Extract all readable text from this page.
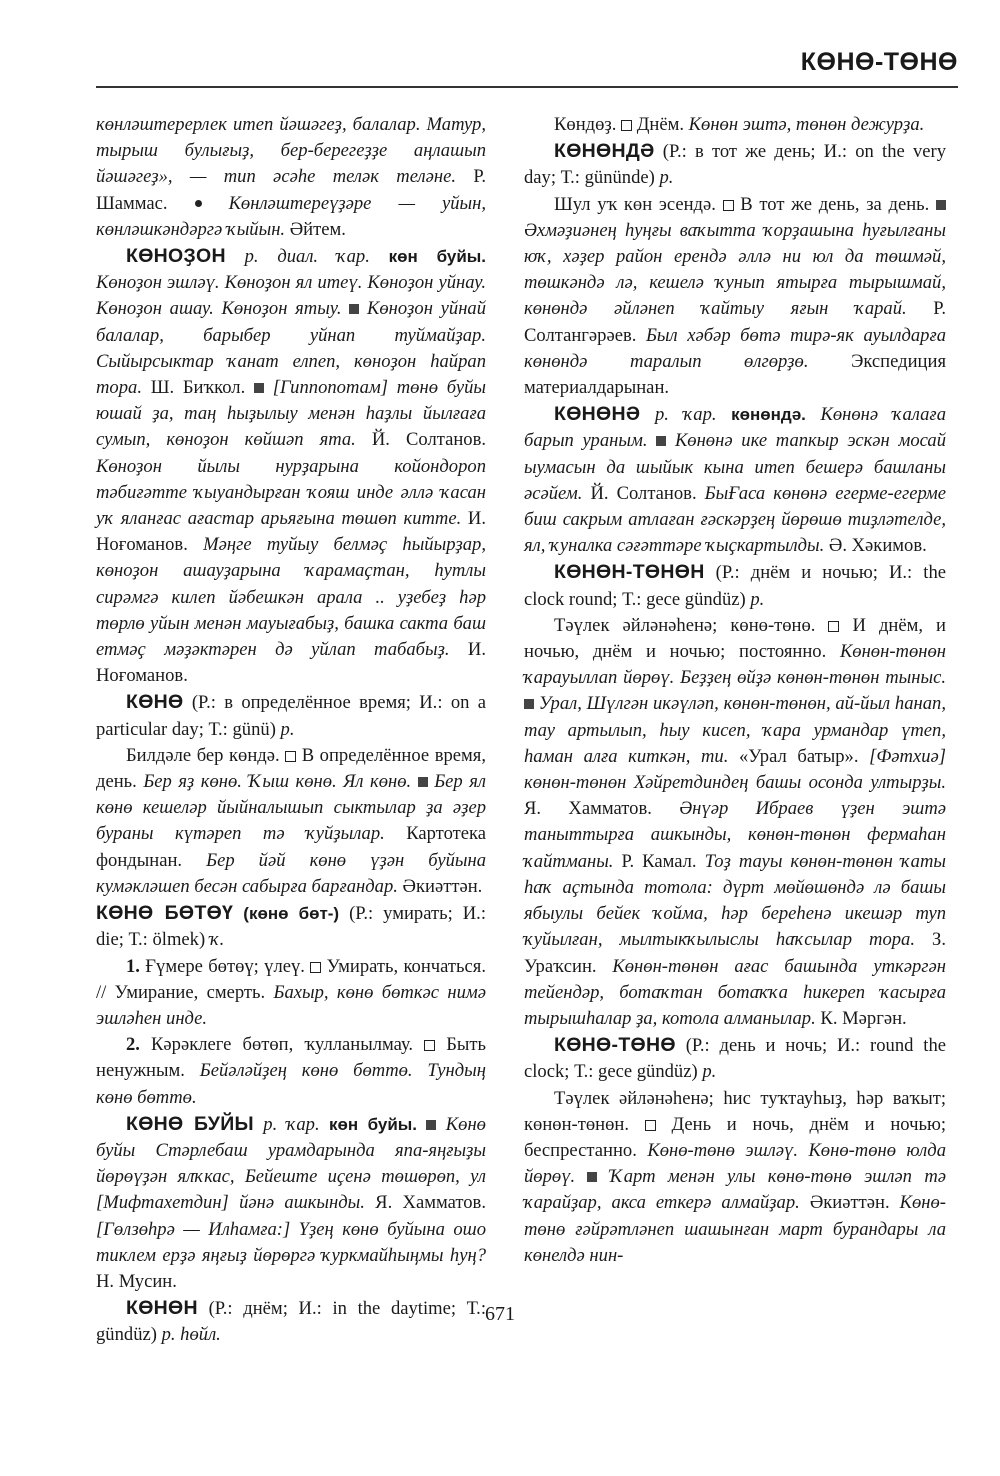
КӨНӨ-ТӨНӨ

көнләштерерлек итеп йәшәгеҙ, балалар. Матур, тырыш булығыҙ, бер-берегеҙҙе аңлашып йәшәгеҙ», — тип әсәһе теләк теләне. Р. Шаммас.  Көнләштереүҙәре — уйын, көнләшкәндәргә ҡыйын. Әйтем.

КӨНОҘОН р. диал. ҡар. көн буйы. Көноҙон эшләү. Көноҙон ял итеү. Көноҙон уйнау. Көноҙон ашау. Көноҙон ятыу.  Көноҙон уйнай балалар, барыбер уйнап туймайҙар. Сыйырсыктар ҡанат елпеп, көноҙон һайрап тора. Ш. Биҡкол.  [Гиппопотам] төнө буйы юшай ҙа, таң һыҙылыу менән һаҙлы йылғаға сумып, көноҙон көйшәп ята. Й. Солтанов. Көноҙон йылы нурҙарына койондороп тәбиғәтте ҡыуандырған ҡояш инде әллә ҡасан уҡ яланғас ағастар арьяғына төшөп китте. И. Ноғоманов. Мәңге туйыу белмәҫ һыйырҙар, көноҙон ашауҙарына ҡарамаҫтан, һутлы сирәмгә килеп йәбешкән арала .. уҙебеҙ һәр төрлө уйын менән мауығабыҙ, башка сакта баш етмәҫ мәҙәктәрен дә уйлап табабыҙ. И. Ноғоманов.

КӨНӨ (Р.: в определённое время; И.: on a particular day; Т.: günü) р.

Билдәле бер көндә.  В определённое время, день. Бер яҙ көнө. Ҡыш көнө. Ял көнө.  Бер ял көнө кешеләр йыйналышып сыктылар ҙа әҙер бураны күтәреп тә ҡуйҙылар. Картотека фондынан. Бер йәй көнө үҙән буйына кумәкләшеп бесән сабырға барғандар. Әкиәттән.

КӨНӨ БӨТӨҮ (көнө бөт-) (Р.: умирать; И.: die; Т.: ölmek) ҡ.

1. Ғүмере бөтөү; үлеү.  Умирать, кончаться. // Умирание, смерть. Бахыр, көнө бөткәс нимә эшләһен инде.

2. Кәрәклеге бөтөп, ҡулланылмау.  Быть ненужным. Бейәләйҙең көнө бөттө. Тундың көнө бөттө.

КӨНӨ БУЙЫ р. ҡар. көн буйы.  Көнө буйы Стәрлебаш урамдарында япа-яңғыҙы йөрөүҙән ялҡкас, Бейеште иҫенә төшөрөп, ул [Мифтахетдин] йәнә ашкынды. Я. Хамматов. [Гөлзөһрә — Илһамға:] Үҙең көнө буйына ошо тиклем ерҙә яңғыҙ йөрөргә ҡуркмайһыңмы һуң? Н. Мусин.

КӨНӨН (Р.: днём; И.: in the daytime; Т.: gündüz) р. һөйл.

Көндөҙ.  Днём. Көнөн эштә, төнөн дежурҙа.

КӨНӨНДӘ (Р.: в тот же день; И.: on the very day; Т.: gününde) р.

Шул уҡ көн эсендә.  В тот же день, за день.  Әхмәҙиәнең һуңғы ваҡытта ҡорҙашына һуғылғаны юҡ, хәҙер район ерендә әллә ни юл да төшмәй, төшкәндә лә, кешелә ҡунып ятырға тырышмай, көнөндә әйләнеп ҡайтыу яғын ҡарай. Р. Солтангәрәев. Был хәбәр бөтә тирә-як ауылдарға көнөндә таралып өлгөрҙө. Экспедиция материалдарынан.

КӨНӨНӘ р. ҡар. көнөндә. Көнөнә ҡалаға барып ураным.  Көнөнә ике тапкыр эскән мосай ыумасын да шыйык кына итеп бешерә башланы әсәйем. Й. Солтанов. БыҒаса көнөнә егерме-егерме биш сакрым атлаған ғәскәрҙең йөрөшө тиҙләтелде, ял, ҡуналка сәғәттәре ҡыҫкартылды. Ә. Хәкимов.

КӨНӨН-ТӨНӨН (Р.: днём и ночью; И.: the clock round; Т.: gece gündüz) р.

Тәүлек әйләнәһенә; көнө-төнө.  И днём, и ночью, днём и ночью; постоянно. Көнөн-төнөн ҡарауыллап йөрөү. Беҙҙең өйҙә көнөн-төнөн тыныс.  Урал, Шүлгән икәүләп, көнөн-төнөн, ай-йыл һанап, тау артылып, һыу кисеп, ҡара урмандар үтеп, һаман алға киткән, ти. «Урал батыр». [Фәтхиә] көнөн-төнөн Хәйретдиндең башы осонда ултырҙы. Я. Хамматов. Әнүәр Ибраев үҙен эштә таныттырға ашкынды, көнөн-төнөн фермаһан ҡайтманы. Р. Камал. Тоҙ тауы көнөн-төнөн ҡаты һаҡ аҫтында тотола: дүрт мөйөшөндә лә башы ябыулы бейек ҡойма, һәр береһенә икешәр туп ҡуйылған, мылтыкҡылыслы һаҡсылар тора. З. Ураҡсин. Көнөн-төнөн ағас башында уткәргән тейендәр, ботаҡтан ботаҡҡа һикереп ҡасырға тырышһалар ҙа, котола алманылар. К. Мәргән.

КӨНӨ-ТӨНӨ (Р.: день и ночь; И.: round the clock; Т.: gece gündüz) р.

Тәүлек әйләнәһенә; һис туҡтауһыҙ, һәр ваҡыт; көнөн-төнөн.  День и ночь, днём и ночью; беспрестанно. Көнө-төнө эшләү. Көнө-төнө юлда йөрөү.  Ҡарт менән улы көнө-төнө эшләп тә ҡарайҙар, акса еткерә алмайҙар. Әкиәттән. Көнө-төнө ғәйрәтләнеп шашынған март бурандары ла көнелдә нин-

671
